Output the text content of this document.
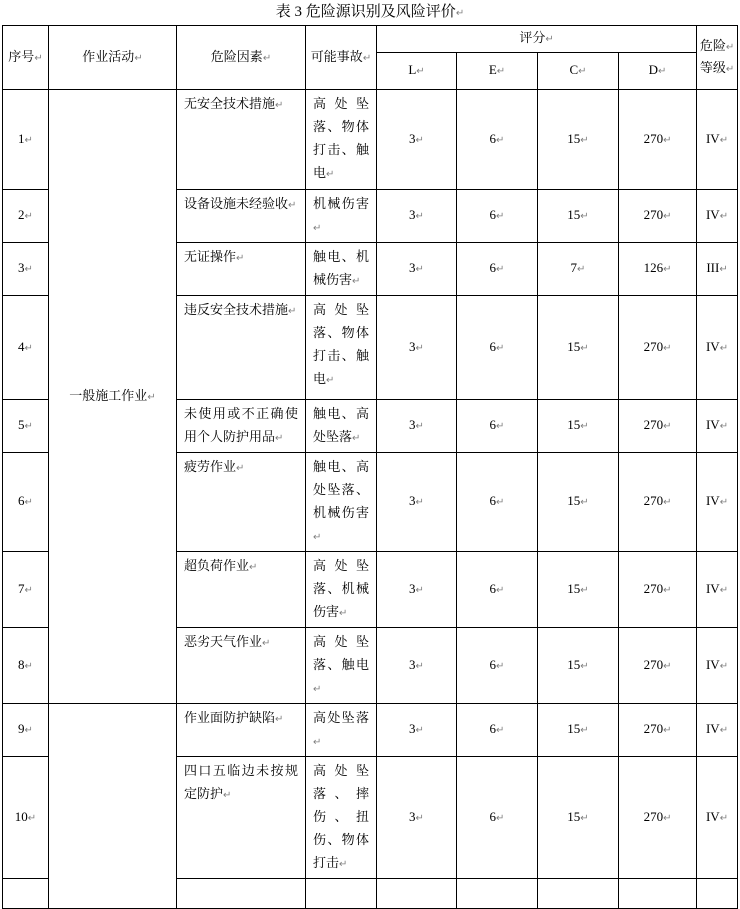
表 3 危险源识别及风险评价↵
序号↵	作业活动↵	危险因素↵	可能事故↵	评分↵				危险↵
等级↵
				L↵	E↵	C↵	D↵	
1↵	一般施工作业↵	无安全技术措施↵	高处坠落、物体打击、触电↵	3↵	6↵	15↵	270↵	IV↵
2↵		设备设施未经验收↵	机械伤害↵	3↵	6↵	15↵	270↵	IV↵
3↵		无证操作↵	触电、机械伤害↵	3↵	6↵	7↵	126↵	III↵
4↵		违反安全技术措施↵	高处坠落、物体打击、触电↵	3↵	6↵	15↵	270↵	IV↵
5↵		未使用或不正确使用个人防护用品↵	触电、高处坠落↵	3↵	6↵	15↵	270↵	IV↵
6↵		疲劳作业↵	触电、高处坠落、机械伤害↵	3↵	6↵	15↵	270↵	IV↵
7↵		超负荷作业↵	高处坠落、机械伤害↵	3↵	6↵	15↵	270↵	IV↵
8↵		恶劣天气作业↵	高处坠落、触电↵	3↵	6↵	15↵	270↵	IV↵
9↵		作业面防护缺陷↵	高处坠落↵	3↵	6↵	15↵	270↵	IV↵
10↵		四口五临边未按规定防护↵	高处坠落、摔伤、扭伤、物体打击↵	3↵	6↵	15↵	270↵	IV↵
